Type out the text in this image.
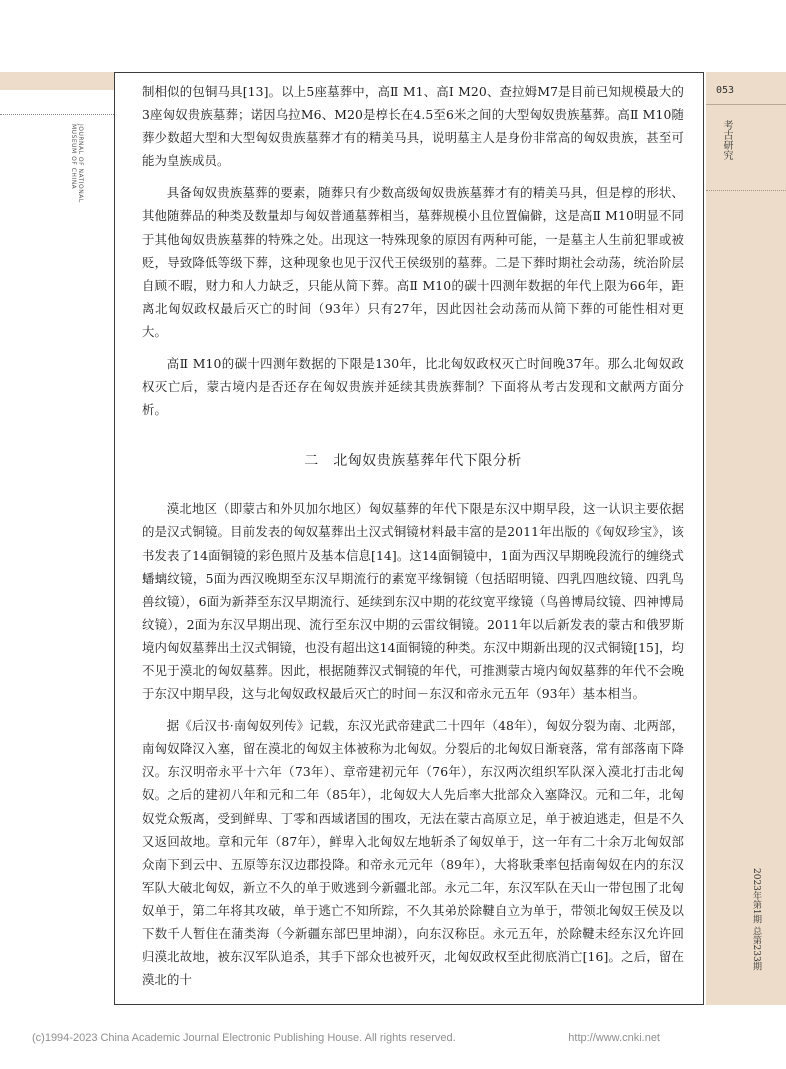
JOURNAL OF NATIONAL MUSEUM OF CHINA
053
考古研究
2023年第1期 总第233期

制相似的包铜马具[13]。以上5座墓葬中，高Ⅱ M1、高Ⅰ M20、查拉姆M7是目前已知规模最大的3座匈奴贵族墓葬；诺因乌拉M6、M20是椁长在4.5至6米之间的大型匈奴贵族墓葬。高Ⅱ M10随葬少数超大型和大型匈奴贵族墓葬才有的精美马具，说明墓主人是身份非常高的匈奴贵族，甚至可能为皇族成员。

具备匈奴贵族墓葬的要素，随葬只有少数高级匈奴贵族墓葬才有的精美马具，但是椁的形状、其他随葬品的种类及数量却与匈奴普通墓葬相当，墓葬规模小且位置偏僻，这是高Ⅱ M10明显不同于其他匈奴贵族墓葬的特殊之处。出现这一特殊现象的原因有两种可能，一是墓主人生前犯罪或被贬，导致降低等级下葬，这种现象也见于汉代王侯级别的墓葬。二是下葬时期社会动荡，统治阶层自顾不暇，财力和人力缺乏，只能从简下葬。高Ⅱ M10的碳十四测年数据的年代上限为66年，距离北匈奴政权最后灭亡的时间（93年）只有27年，因此因社会动荡而从简下葬的可能性相对更大。

高Ⅱ M10的碳十四测年数据的下限是130年，比北匈奴政权灭亡时间晚37年。那么北匈奴政权灭亡后，蒙古境内是否还存在匈奴贵族并延续其贵族葬制？下面将从考古发现和文献两方面分析。

二　北匈奴贵族墓葬年代下限分析

漠北地区（即蒙古和外贝加尔地区）匈奴墓葬的年代下限是东汉中期早段，这一认识主要依据的是汉式铜镜。目前发表的匈奴墓葬出土汉式铜镜材料最丰富的是2011年出版的《匈奴珍宝》，该书发表了14面铜镜的彩色照片及基本信息[14]。这14面铜镜中，1面为西汉早期晚段流行的缠绕式蟠螭纹镜，5面为西汉晚期至东汉早期流行的素宽平缘铜镜（包括昭明镜、四乳四虺纹镜、四乳鸟兽纹镜），6面为新莽至东汉早期流行、延续到东汉中期的花纹宽平缘镜（鸟兽博局纹镜、四神博局纹镜），2面为东汉早期出现、流行至东汉中期的云雷纹铜镜。2011年以后新发表的蒙古和俄罗斯境内匈奴墓葬出土汉式铜镜，也没有超出这14面铜镜的种类。东汉中期新出现的汉式铜镜[15]，均不见于漠北的匈奴墓葬。因此，根据随葬汉式铜镜的年代，可推测蒙古境内匈奴墓葬的年代不会晚于东汉中期早段，这与北匈奴政权最后灭亡的时间－东汉和帝永元五年（93年）基本相当。

据《后汉书·南匈奴列传》记载，东汉光武帝建武二十四年（48年），匈奴分裂为南、北两部，南匈奴降汉入塞，留在漠北的匈奴主体被称为北匈奴。分裂后的北匈奴日渐衰落，常有部落南下降汉。东汉明帝永平十六年（73年）、章帝建初元年（76年），东汉两次组织军队深入漠北打击北匈奴。之后的建初八年和元和二年（85年），北匈奴大人先后率大批部众入塞降汉。元和二年，北匈奴党众叛离，受到鲜卑、丁零和西域诸国的围攻，无法在蒙古高原立足，单于被迫逃走，但是不久又返回故地。章和元年（87年），鲜卑入北匈奴左地斩杀了匈奴单于，这一年有二十余万北匈奴部众南下到云中、五原等东汉边郡投降。和帝永元元年（89年），大将耿秉率包括南匈奴在内的东汉军队大破北匈奴，新立不久的单于败逃到今新疆北部。永元二年，东汉军队在天山一带包围了北匈奴单于，第二年将其攻破，单于逃亡不知所踪，不久其弟於除鞬自立为单于，带领北匈奴王侯及以下数千人暂住在蒲类海（今新疆东部巴里坤湖），向东汉称臣。永元五年，於除鞬未经东汉允许回归漠北故地，被东汉军队追杀，其手下部众也被歼灭，北匈奴政权至此彻底消亡[16]。之后，留在漠北的十

(c)1994-2023 China Academic Journal Electronic Publishing House. All rights reserved.	http://www.cnki.net
